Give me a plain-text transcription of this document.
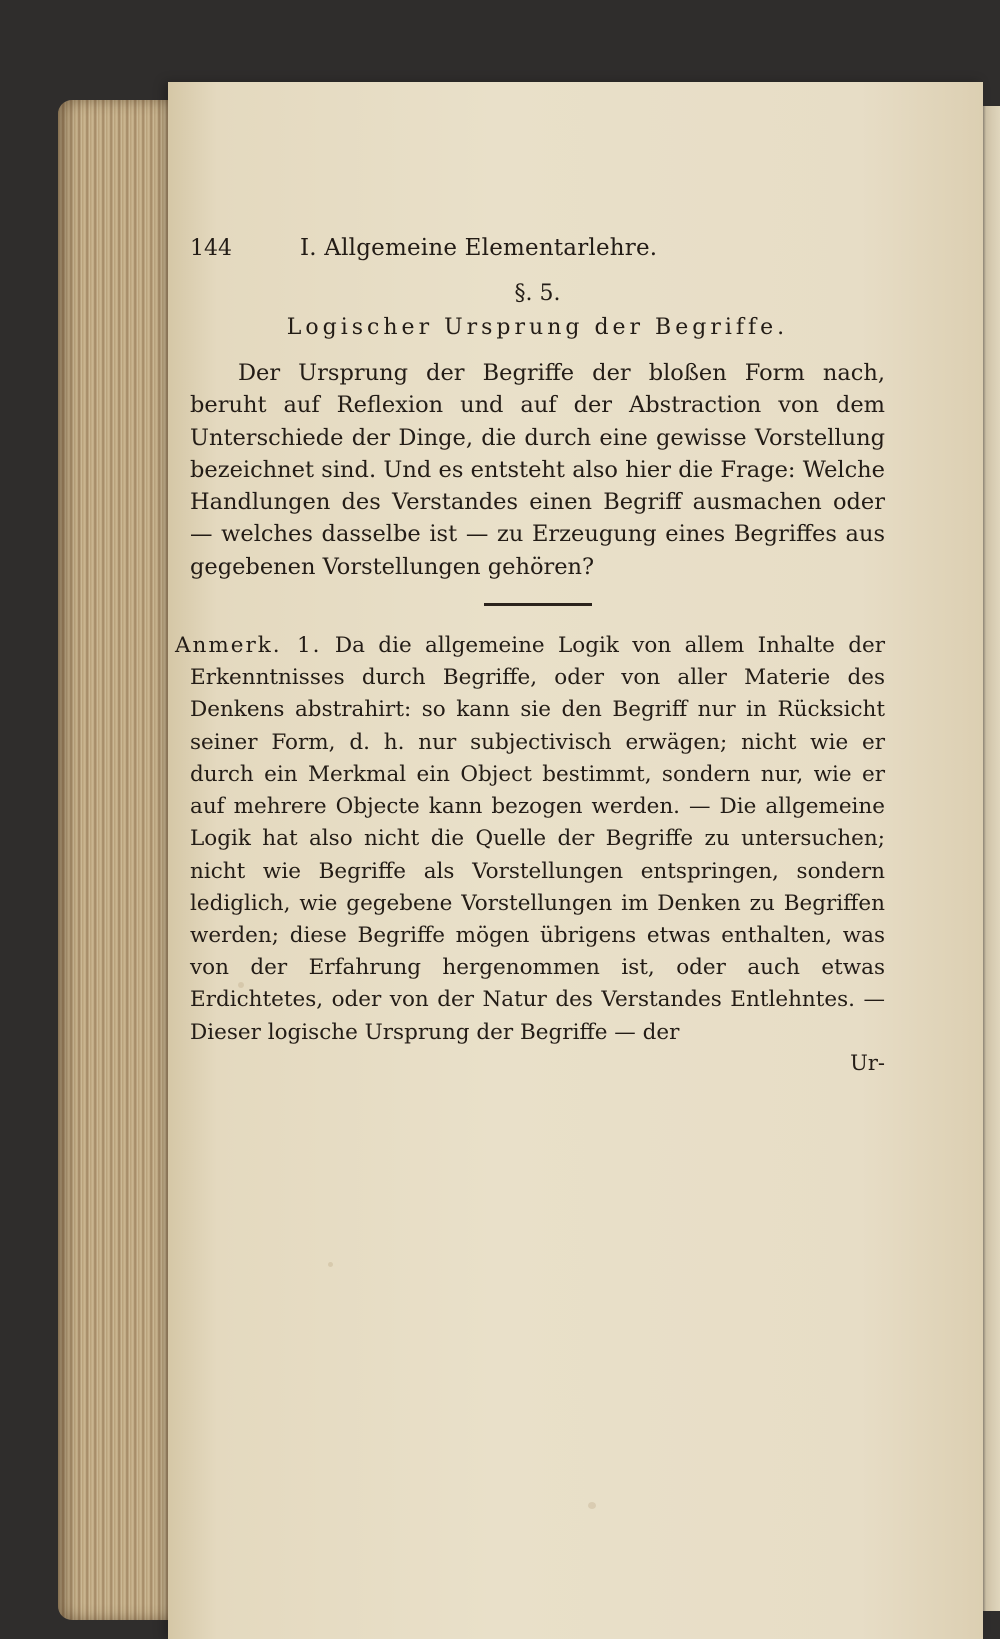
144	I. Allgemeine Elementarlehre.
§. 5.
Logischer Ursprung der Begriffe.

Der Ursprung der Begriffe der bloßen Form nach, beruht auf Reflexion und auf der Abstraction von dem Unterschiede der Dinge, die durch eine gewisse Vorstellung bezeichnet sind. Und es entsteht also hier die Frage: Welche Handlungen des Verstandes einen Begriff ausmachen oder — welches dasselbe ist — zu Erzeugung eines Begriffes aus gegebenen Vorstellungen gehören?

Anmerk. 1. Da die allgemeine Logik von allem Inhalte der Erkenntnisses durch Begriffe, oder von aller Materie des Denkens abstrahirt: so kann sie den Begriff nur in Rücksicht seiner Form, d. h. nur subjectivisch erwägen; nicht wie er durch ein Merkmal ein Object bestimmt, sondern nur, wie er auf mehrere Objecte kann bezogen werden. — Die allgemeine Logik hat also nicht die Quelle der Begriffe zu untersuchen; nicht wie Begriffe als Vorstellungen entspringen, sondern lediglich, wie gegebene Vorstellungen im Denken zu Begriffen werden; diese Begriffe mögen übrigens etwas enthalten, was von der Erfahrung hergenommen ist, oder auch etwas Erdichtetes, oder von der Natur des Verstandes Entlehntes. — Dieser logische Ursprung der Begriffe — der

Ur-
